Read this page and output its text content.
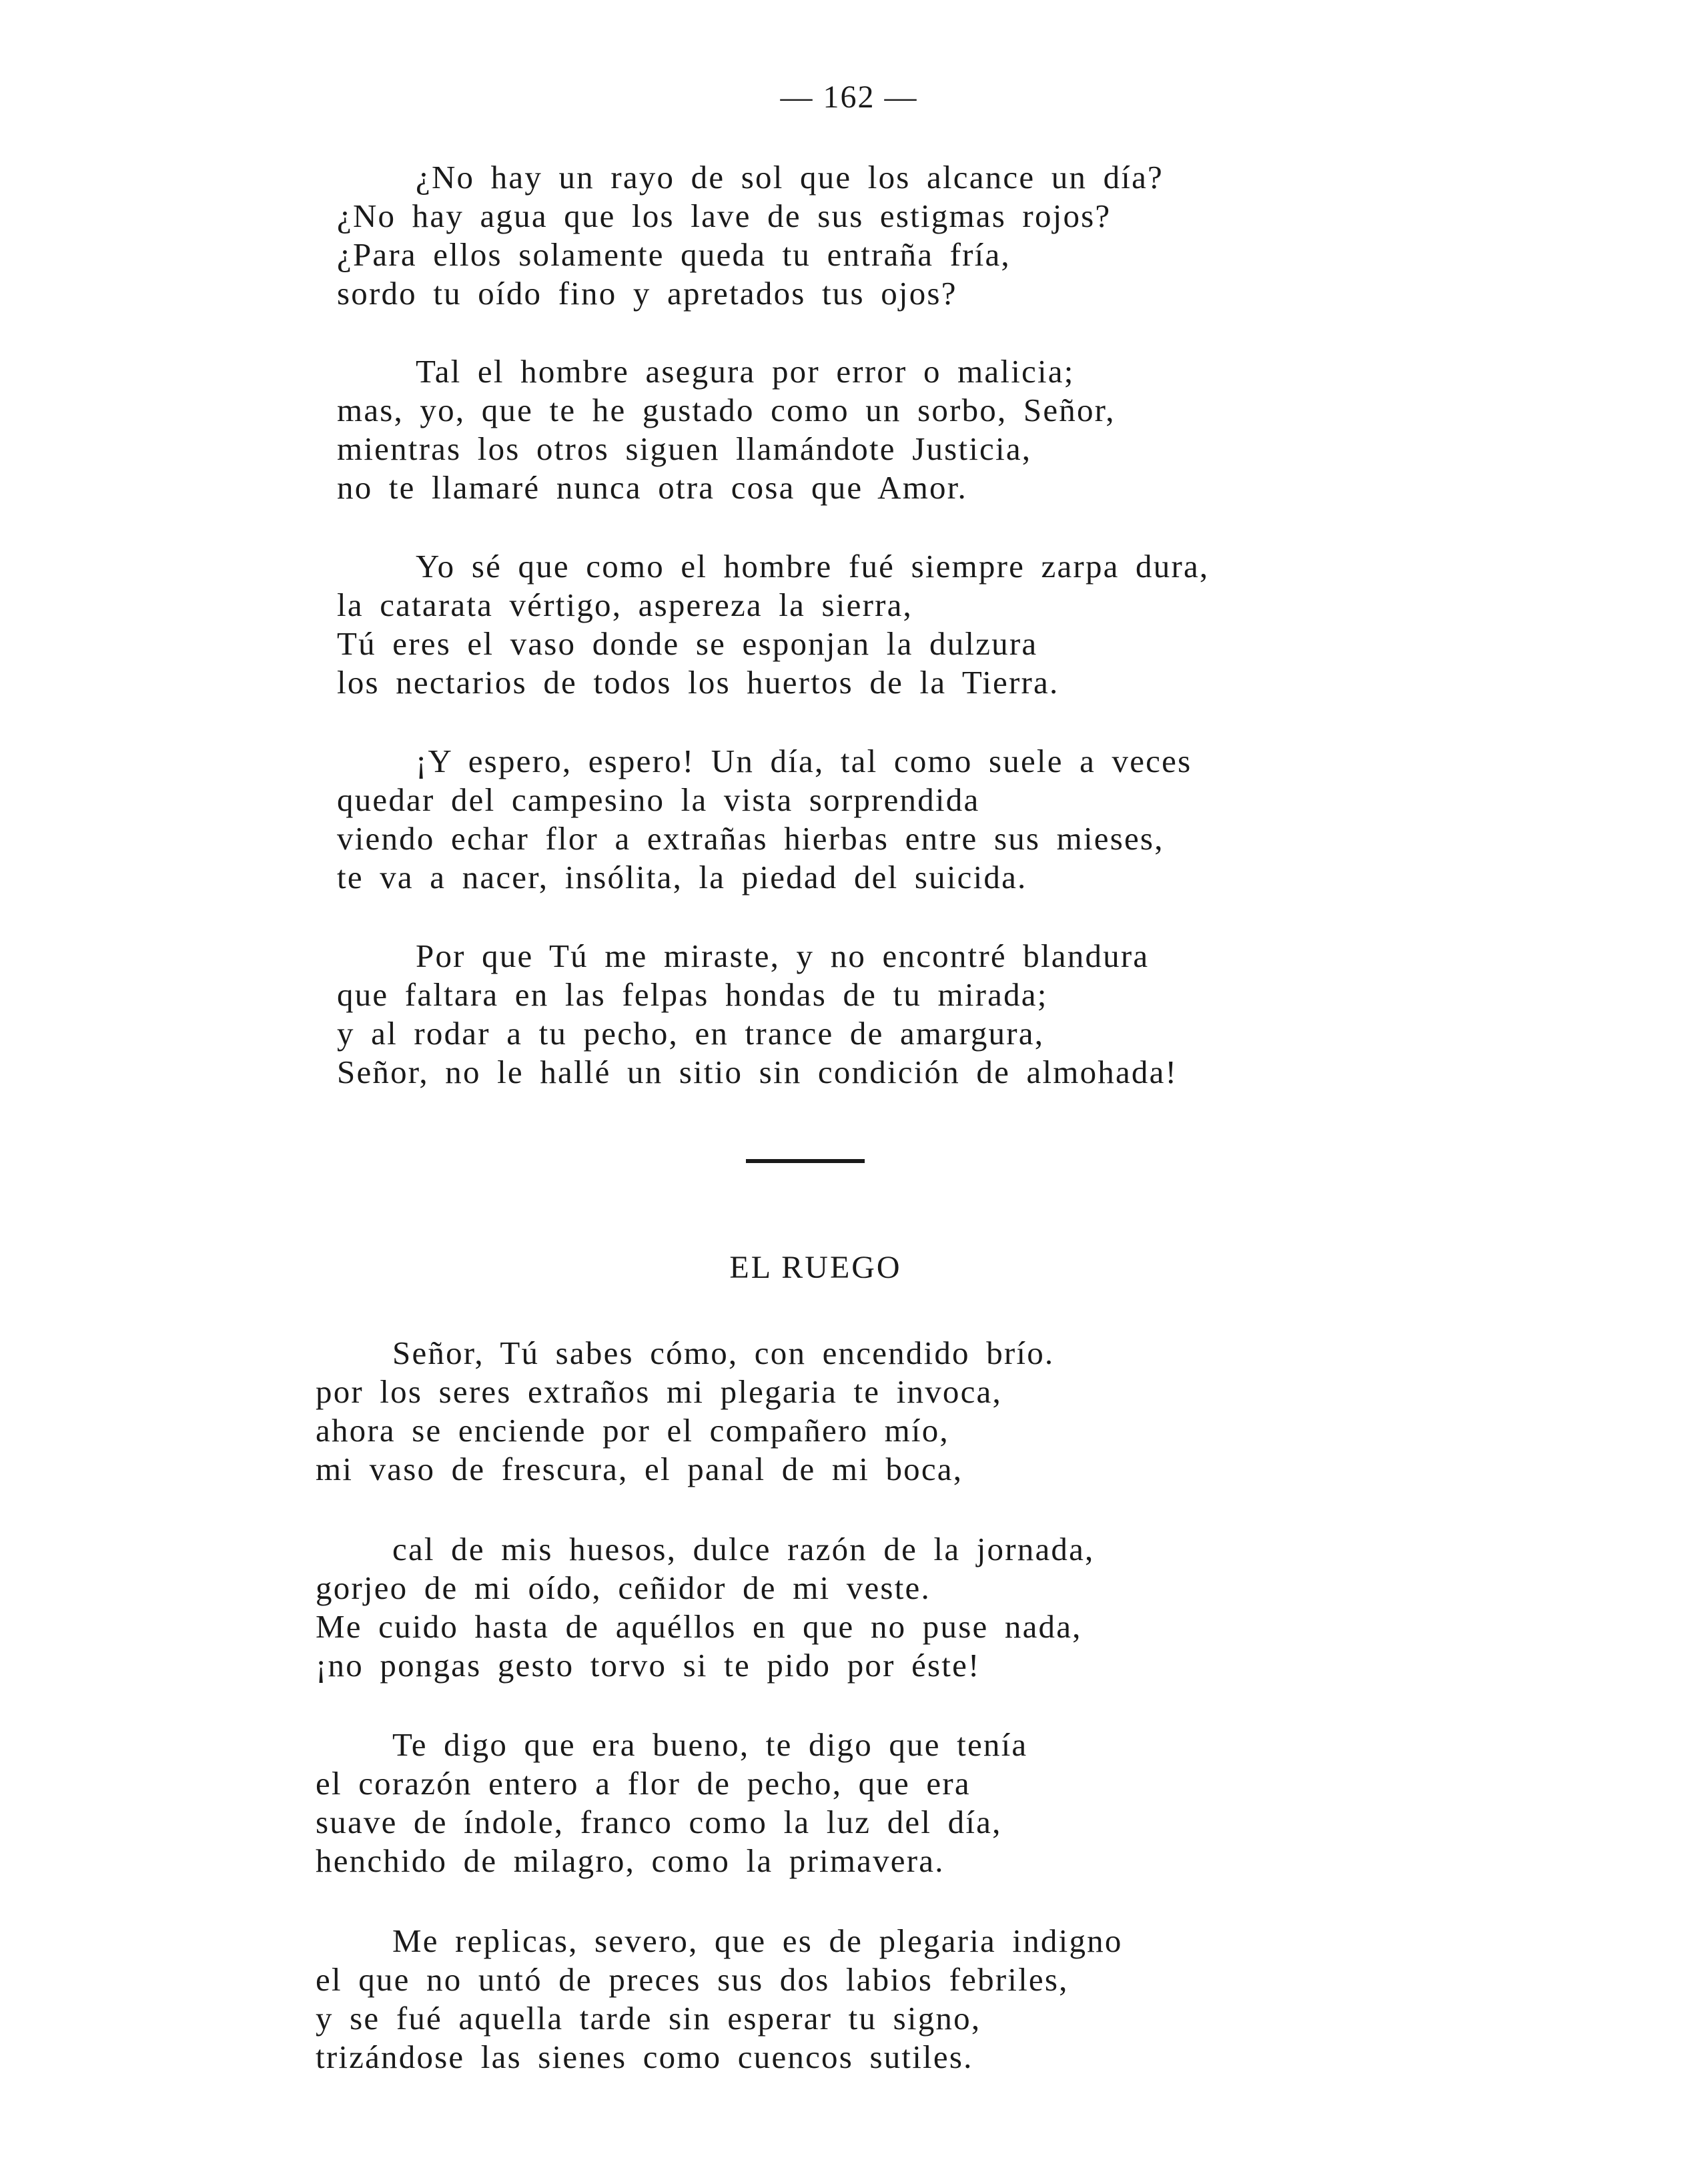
— 162 —
¿No hay un rayo de sol que los alcance un día?
¿No hay agua que los lave de sus estigmas rojos?
¿Para ellos solamente queda tu entraña fría,
sordo tu oído fino y apretados tus ojos?
Tal el hombre asegura por error o malicia;
mas, yo, que te he gustado como un sorbo, Señor,
mientras los otros siguen llamándote Justicia,
no te llamaré nunca otra cosa que Amor.
Yo sé que como el hombre fué siempre zarpa dura,
la catarata vértigo, aspereza la sierra,
Tú eres el vaso donde se esponjan la dulzura
los nectarios de todos los huertos de la Tierra.
¡Y espero, espero! Un día, tal como suele a veces
quedar del campesino la vista sorprendida
viendo echar flor a extrañas hierbas entre sus mieses,
te va a nacer, insólita, la piedad del suicida.
Por que Tú me miraste, y no encontré blandura
que faltara en las felpas hondas de tu mirada;
y al rodar a tu pecho, en trance de amargura,
Señor, no le hallé un sitio sin condición de almohada!
EL RUEGO
Señor, Tú sabes cómo, con encendido brío.
por los seres extraños mi plegaria te invoca,
ahora se enciende por el compañero mío,
mi vaso de frescura, el panal de mi boca,
cal de mis huesos, dulce razón de la jornada,
gorjeo de mi oído, ceñidor de mi veste.
Me cuido hasta de aquéllos en que no puse nada,
¡no pongas gesto torvo si te pido por éste!
Te digo que era bueno, te digo que tenía
el corazón entero a flor de pecho, que era
suave de índole, franco como la luz del día,
henchido de milagro, como la primavera.
Me replicas, severo, que es de plegaria indigno
el que no untó de preces sus dos labios febriles,
y se fué aquella tarde sin esperar tu signo,
trizándose las sienes como cuencos sutiles.
